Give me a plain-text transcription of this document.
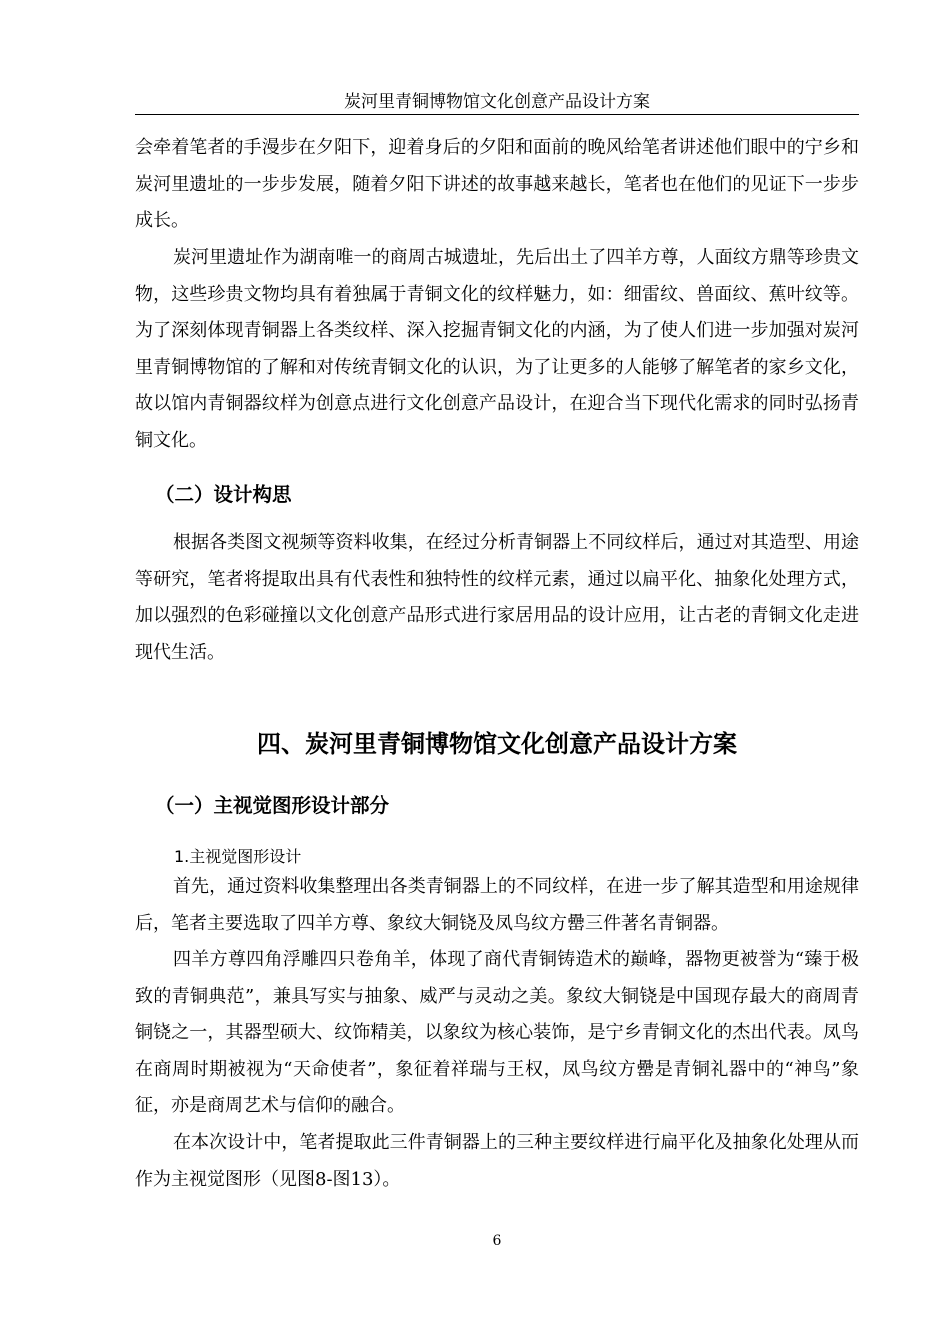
炭河里青铜博物馆文化创意产品设计方案

会牵着笔者的手漫步在夕阳下，迎着身后的夕阳和面前的晚风给笔者讲述他们眼中的宁乡和炭河里遗址的一步步发展，随着夕阳下讲述的故事越来越长，笔者也在他们的见证下一步步成长。

炭河里遗址作为湖南唯一的商周古城遗址，先后出土了四羊方尊，人面纹方鼎等珍贵文物，这些珍贵文物均具有着独属于青铜文化的纹样魅力，如：细雷纹、兽面纹、蕉叶纹等。为了深刻体现青铜器上各类纹样、深入挖掘青铜文化的内涵，为了使人们进一步加强对炭河里青铜博物馆的了解和对传统青铜文化的认识，为了让更多的人能够了解笔者的家乡文化，故以馆内青铜器纹样为创意点进行文化创意产品设计，在迎合当下现代化需求的同时弘扬青铜文化。

（二）设计构思

根据各类图文视频等资料收集，在经过分析青铜器上不同纹样后，通过对其造型、用途等研究，笔者将提取出具有代表性和独特性的纹样元素，通过以扁平化、抽象化处理方式，加以强烈的色彩碰撞以文化创意产品形式进行家居用品的设计应用，让古老的青铜文化走进现代生活。

四、炭河里青铜博物馆文化创意产品设计方案
（一）主视觉图形设计部分
1.主视觉图形设计

首先，通过资料收集整理出各类青铜器上的不同纹样，在进一步了解其造型和用途规律后，笔者主要选取了四羊方尊、象纹大铜铙及凤鸟纹方罍三件著名青铜器。

四羊方尊四角浮雕四只卷角羊，体现了商代青铜铸造术的巅峰，器物更被誉为“臻于极致的青铜典范”，兼具写实与抽象、威严与灵动之美。象纹大铜铙是中国现存最大的商周青铜铙之一，其器型硕大、纹饰精美，以象纹为核心装饰，是宁乡青铜文化的杰出代表。凤鸟在商周时期被视为“天命使者”，象征着祥瑞与王权，凤鸟纹方罍是青铜礼器中的“神鸟”象征，亦是商周艺术与信仰的融合。

在本次设计中，笔者提取此三件青铜器上的三种主要纹样进行扁平化及抽象化处理从而作为主视觉图形（见图8-图13）。

6
